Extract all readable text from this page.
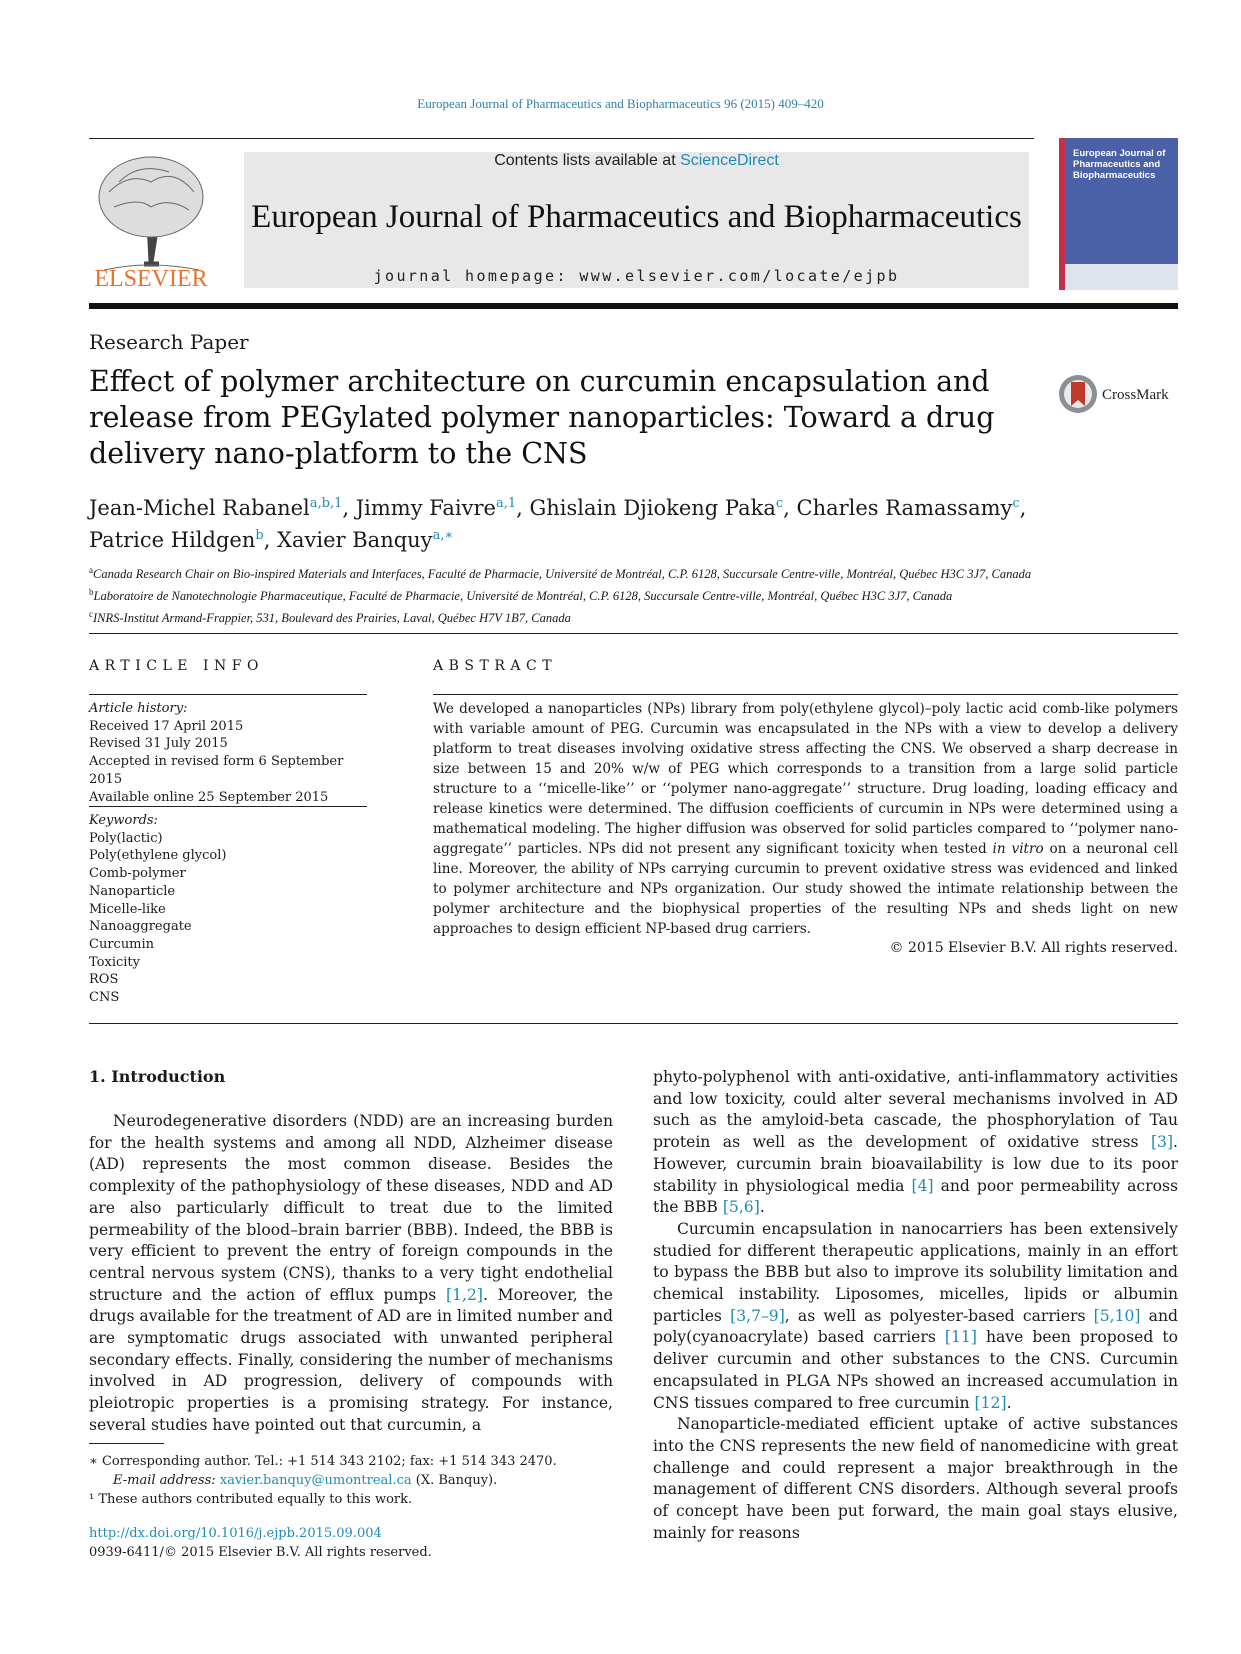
European Journal of Pharmaceutics and Biopharmaceutics 96 (2015) 409–420
ELSEVIER
Contents lists available at ScienceDirect
European Journal of Pharmaceutics and Biopharmaceutics
journal homepage: www.elsevier.com/locate/ejpb
European Journal of Pharmaceutics and Biopharmaceutics
Research Paper
Effect of polymer architecture on curcumin encapsulation and release from PEGylated polymer nanoparticles: Toward a drug delivery nano-platform to the CNS
CrossMark
Jean-Michel Rabanel$^{a,b,1}$, Jimmy Faivre$^{a,1}$, Ghislain Djiokeng Paka$^c$, Charles Ramassamy$^c$,
Patrice Hildgen$^b$, Xavier Banquy$^{a,∗}$
$^a$Canada Research Chair on Bio-inspired Materials and Interfaces, Faculté de Pharmacie, Université de Montréal, C.P. 6128, Succursale Centre-ville, Montréal, Québec H3C 3J7, Canada
$^b$Laboratoire de Nanotechnologie Pharmaceutique, Faculté de Pharmacie, Université de Montréal, C.P. 6128, Succursale Centre-ville, Montréal, Québec H3C 3J7, Canada
$^c$INRS-Institut Armand-Frappier, 531, Boulevard des Prairies, Laval, Québec H7V 1B7, Canada
ARTICLE INFO
Article history:
Received 17 April 2015
Revised 31 July 2015
Accepted in revised form 6 September 2015
Available online 25 September 2015
Keywords:
Poly(lactic)
Poly(ethylene glycol)
Comb-polymer
Nanoparticle
Micelle-like
Nanoaggregate
Curcumin
Toxicity
ROS
CNS
ABSTRACT
We developed a nanoparticles (NPs) library from poly(ethylene glycol)–poly lactic acid comb-like polymers with variable amount of PEG. Curcumin was encapsulated in the NPs with a view to develop a delivery platform to treat diseases involving oxidative stress affecting the CNS. We observed a sharp decrease in size between 15 and 20% w/w of PEG which corresponds to a transition from a large solid particle structure to a ‘‘micelle-like’’ or ‘‘polymer nano-aggregate’’ structure. Drug loading, loading efficacy and release kinetics were determined. The diffusion coefficients of curcumin in NPs were determined using a mathematical modeling. The higher diffusion was observed for solid particles compared to ‘‘polymer nano-aggregate’’ particles. NPs did not present any significant toxicity when tested in vitro on a neuronal cell line. Moreover, the ability of NPs carrying curcumin to prevent oxidative stress was evidenced and linked to polymer architecture and NPs organization. Our study showed the intimate relationship between the polymer architecture and the biophysical properties of the resulting NPs and sheds light on new approaches to design efficient NP-based drug carriers.
© 2015 Elsevier B.V. All rights reserved.
1. Introduction

Neurodegenerative disorders (NDD) are an increasing burden for the health systems and among all NDD, Alzheimer disease (AD) represents the most common disease. Besides the complexity of the pathophysiology of these diseases, NDD and AD are also particularly difficult to treat due to the limited permeability of the blood–brain barrier (BBB). Indeed, the BBB is very efficient to prevent the entry of foreign compounds in the central nervous system (CNS), thanks to a very tight endothelial structure and the action of efflux pumps [1,2]. Moreover, the drugs available for the treatment of AD are in limited number and are symptomatic drugs associated with unwanted peripheral secondary effects. Finally, considering the number of mechanisms involved in AD progression, delivery of compounds with pleiotropic properties is a promising strategy. For instance, several studies have pointed out that curcumin, a

phyto-polyphenol with anti-oxidative, anti-inflammatory activities and low toxicity, could alter several mechanisms involved in AD such as the amyloid-beta cascade, the phosphorylation of Tau protein as well as the development of oxidative stress [3]. However, curcumin brain bioavailability is low due to its poor stability in physiological media [4] and poor permeability across the BBB [5,6].

Curcumin encapsulation in nanocarriers has been extensively studied for different therapeutic applications, mainly in an effort to bypass the BBB but also to improve its solubility limitation and chemical instability. Liposomes, micelles, lipids or albumin particles [3,7–9], as well as polyester-based carriers [5,10] and poly(cyanoacrylate) based carriers [11] have been proposed to deliver curcumin and other substances to the CNS. Curcumin encapsulated in PLGA NPs showed an increased accumulation in CNS tissues compared to free curcumin [12].

Nanoparticle-mediated efficient uptake of active substances into the CNS represents the new field of nanomedicine with great challenge and could represent a major breakthrough in the management of different CNS disorders. Although several proofs of concept have been put forward, the main goal stays elusive, mainly for reasons

∗ Corresponding author. Tel.: +1 514 343 2102; fax: +1 514 343 2470.
E-mail address: xavier.banquy@umontreal.ca (X. Banquy).
¹ These authors contributed equally to this work.
http://dx.doi.org/10.1016/j.ejpb.2015.09.004
0939-6411/© 2015 Elsevier B.V. All rights reserved.
